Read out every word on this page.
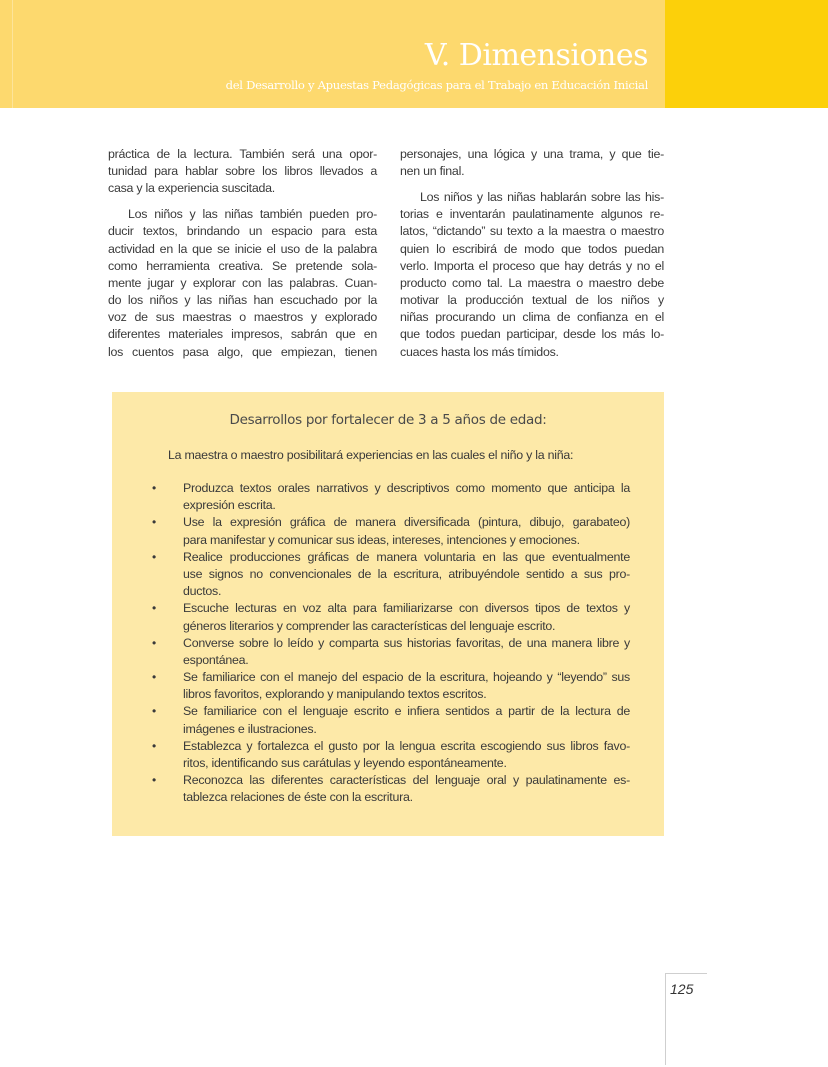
V. Dimensiones
del Desarrollo y Apuestas Pedagógicas para el Trabajo en Educación Inicial
práctica de la lectura. También será una opor-
tunidad para hablar sobre los libros llevados a
casa y la experiencia suscitada.
Los niños y las niñas también pueden pro-
ducir textos, brindando un espacio para esta
actividad en la que se inicie el uso de la palabra
como herramienta creativa. Se pretende sola-
mente jugar y explorar con las palabras. Cuan-
do los niños y las niñas han escuchado por la
voz de sus maestras o maestros y explorado
diferentes materiales impresos, sabrán que en
los cuentos pasa algo, que empiezan, tienen
personajes, una lógica y una trama, y que tie-
nen un final.
Los niños y las niñas hablarán sobre las his-
torias e inventarán paulatinamente algunos re-
latos, “dictando” su texto a la maestra o maestro
quien lo escribirá de modo que todos puedan
verlo. Importa el proceso que hay detrás y no el
producto como tal. La maestra o maestro debe
motivar la producción textual de los niños y
niñas procurando un clima de confianza en el
que todos puedan participar, desde los más lo-
cuaces hasta los más tímidos.
Desarrollos por fortalecer de 3 a 5 años de edad:
La maestra o maestro posibilitará experiencias en las cuales el niño y la niña:
• Produzca textos orales narrativos y descriptivos como momento que anticipa la
expresión escrita.
• Use la expresión gráfica de manera diversificada (pintura, dibujo, garabateo)
para manifestar y comunicar sus ideas, intereses, intenciones y emociones.
• Realice producciones gráficas de manera voluntaria en las que eventualmente
use signos no convencionales de la escritura, atribuyéndole sentido a sus pro-
ductos.
• Escuche lecturas en voz alta para familiarizarse con diversos tipos de textos y
géneros literarios y comprender las características del lenguaje escrito.
• Converse sobre lo leído y comparta sus historias favoritas, de una manera libre y
espontánea.
• Se familiarice con el manejo del espacio de la escritura, hojeando y “leyendo” sus
libros favoritos, explorando y manipulando textos escritos.
• Se familiarice con el lenguaje escrito e infiera sentidos a partir de la lectura de
imágenes e ilustraciones.
• Establezca y fortalezca el gusto por la lengua escrita escogiendo sus libros favo-
ritos, identificando sus carátulas y leyendo espontáneamente.
• Reconozca las diferentes características del lenguaje oral y paulatinamente es-
tablezca relaciones de éste con la escritura.
125
